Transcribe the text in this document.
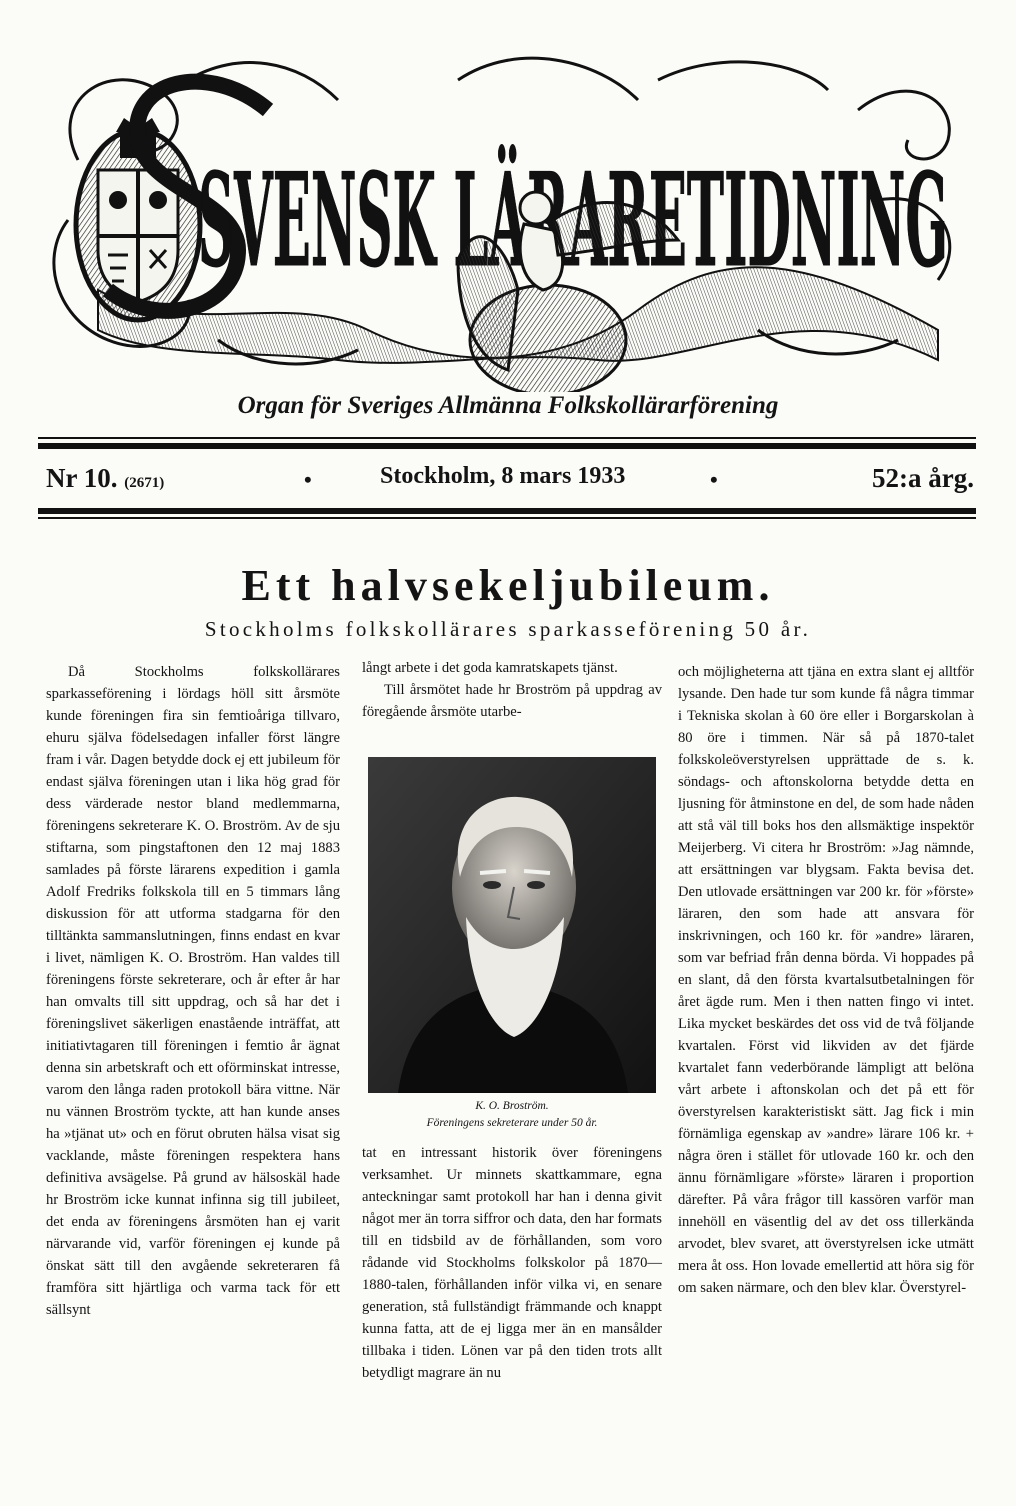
Organ för Sveriges Allmänna Folkskollärarförening
Nr 10. (2671)	•	Stockholm, 8 mars 1933	•	52:a årg.
Ett halvsekeljubileum.
Stockholms folkskollärares sparkasseförening 50 år.

Då Stockholms folkskollärares sparkasseförening i lördags höll sitt årsmöte kunde föreningen fira sin femtioåriga tillvaro, ehuru själva födelsedagen infaller först längre fram i vår. Dagen betydde dock ej ett jubileum för endast själva föreningen utan i lika hög grad för dess värderade nestor bland medlemmarna, föreningens sekreterare K. O. Broström. Av de sju stiftarna, som pingstaftonen den 12 maj 1883 samlades på förste lärarens expedition i gamla Adolf Fredriks folkskola till en 5 timmars lång diskussion för att utforma stadgarna för den tilltänkta sammanslutningen, finns endast en kvar i livet, nämligen K. O. Broström. Han valdes till föreningens förste sekreterare, och år efter år har han omvalts till sitt uppdrag, och så har det i föreningslivet säkerligen enastående inträffat, att initiativtagaren till föreningen i femtio år ägnat denna sin arbetskraft och ett oförminskat intresse, varom den långa raden protokoll bära vittne. När nu vännen Broström tyckte, att han kunde anses ha »tjänat ut» och en förut obruten hälsa visat sig vacklande, måste föreningen respektera hans definitiva avsägelse. På grund av hälsoskäl hade hr Broström icke kunnat infinna sig till jubileet, det enda av föreningens årsmöten han ej varit närvarande vid, varför föreningen ej kunde på önskat sätt till den avgående sekreteraren få framföra sitt hjärtliga och varma tack för ett sällsynt

långt arbete i det goda kamratskapets tjänst.

Till årsmötet hade hr Broström på uppdrag av föregående årsmöte utarbe-

K. O. Broström.
Föreningens sekreterare under 50 år.

tat en intressant historik över föreningens verksamhet. Ur minnets skattkammare, egna anteckningar samt protokoll har han i denna givit något mer än torra siffror och data, den har formats till en tidsbild av de förhållanden, som voro rådande vid Stockholms folkskolor på 1870—1880-talen, förhållanden inför vilka vi, en senare generation, stå fullständigt främmande och knappt kunna fatta, att de ej ligga mer än en mansålder tillbaka i tiden. Lönen var på den tiden trots allt betydligt magrare än nu

och möjligheterna att tjäna en extra slant ej alltför lysande. Den hade tur som kunde få några timmar i Tekniska skolan à 60 öre eller i Borgarskolan à 80 öre i timmen. När så på 1870-talet folkskoleöverstyrelsen upprättade de s. k. söndags- och aftonskolorna betydde detta en ljusning för åtminstone en del, de som hade nåden att stå väl till boks hos den allsmäktige inspektör Meijerberg. Vi citera hr Broström: »Jag nämnde, att ersättningen var blygsam. Fakta bevisa det. Den utlovade ersättningen var 200 kr. för »förste» läraren, den som hade att ansvara för inskrivningen, och 160 kr. för »andre» läraren, som var befriad från denna börda. Vi hoppades på en slant, då den första kvartalsutbetalningen för året ägde rum. Men i then natten fingo vi intet. Lika mycket beskärdes det oss vid de två följande kvartalen. Först vid likviden av det fjärde kvartalet fann vederbörande lämpligt att belöna vårt arbete i aftonskolan och det på ett för överstyrelsen karakteristiskt sätt. Jag fick i min förnämliga egenskap av »andre» lärare 106 kr. + några ören i stället för utlovade 160 kr. och den ännu förnämligare »förste» läraren i proportion därefter. På våra frågor till kassören varför man innehöll en väsentlig del av det oss tillerkända arvodet, blev svaret, att överstyrelsen icke utmätt mera åt oss. Hon lovade emellertid att höra sig för om saken närmare, och den blev klar. Överstyrel-
